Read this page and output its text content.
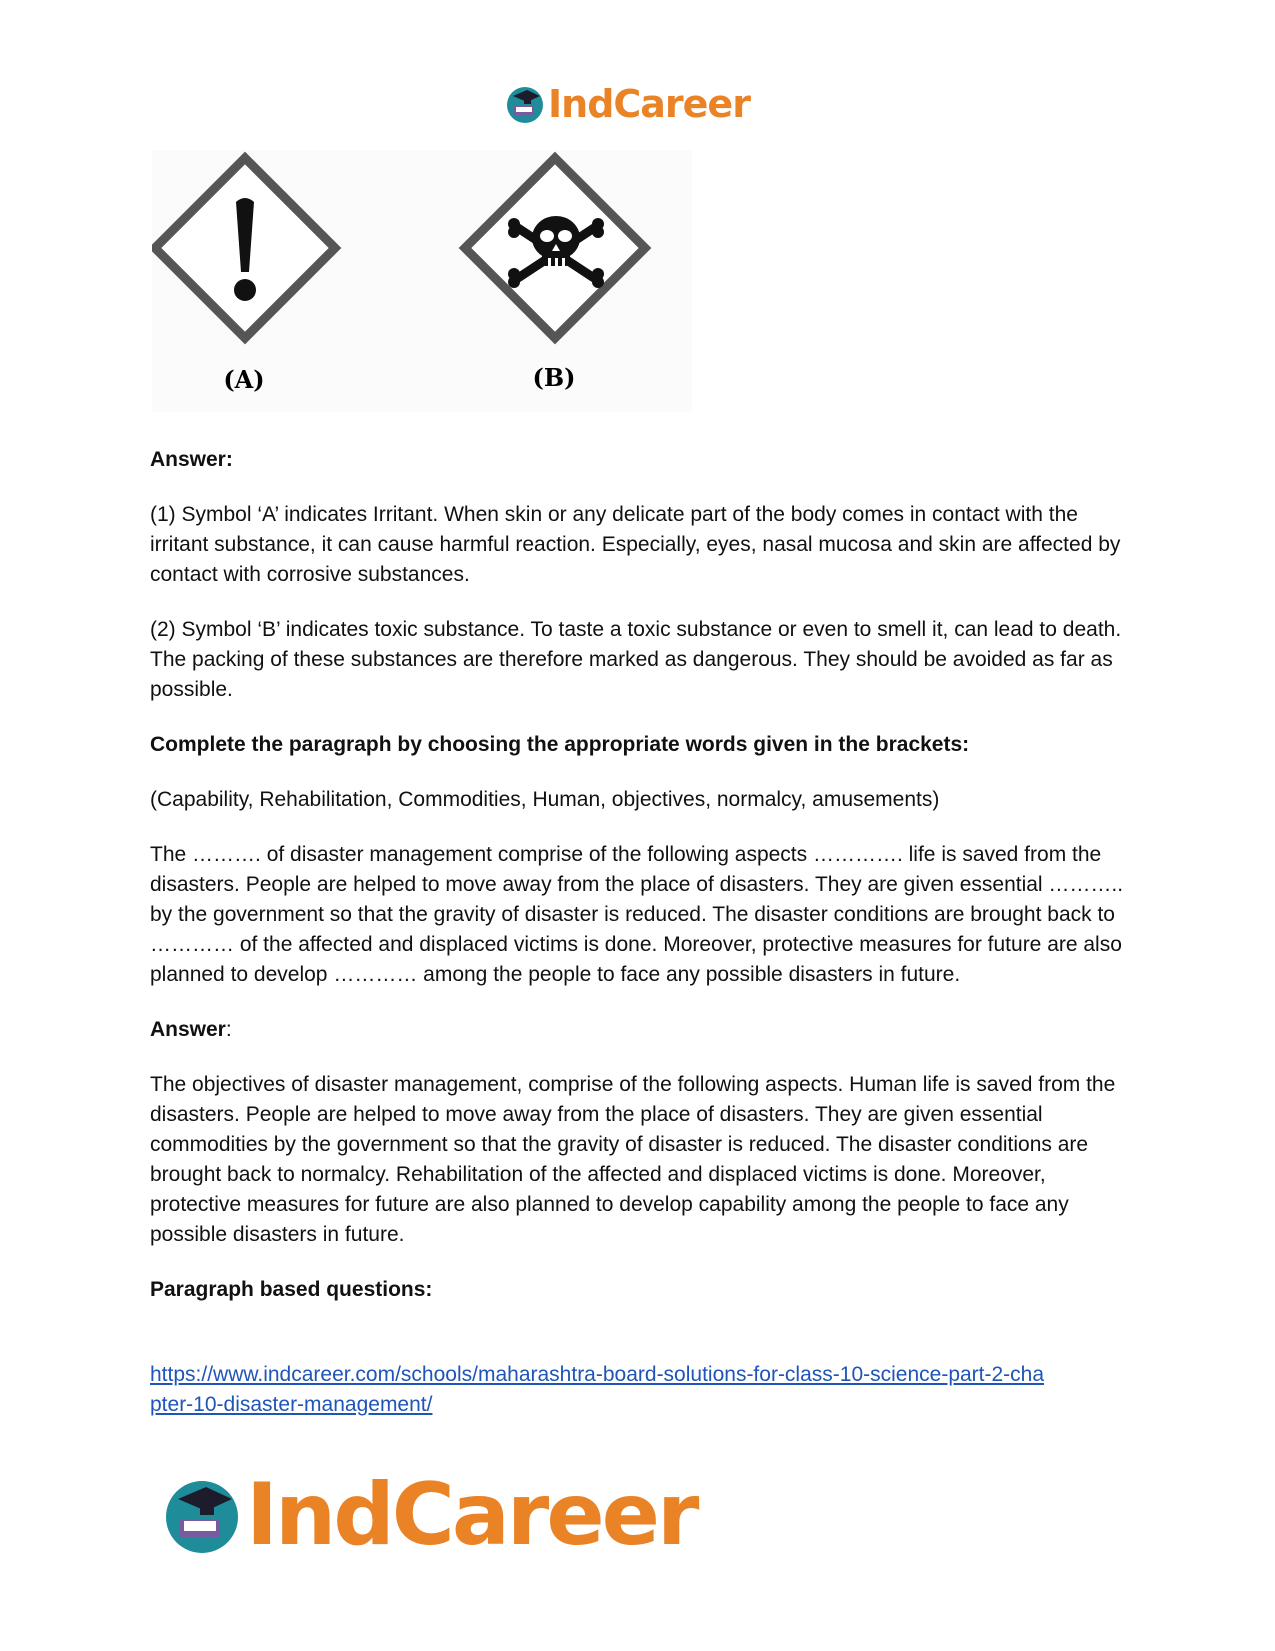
IndCareer
(A)	(B)

Answer:

(1) Symbol ‘A’ indicates Irritant. When skin or any delicate part of the body comes in contact with the irritant substance, it can cause harmful reaction. Especially, eyes, nasal mucosa and skin are affected by contact with corrosive substances.

(2) Symbol ‘B’ indicates toxic substance. To taste a toxic substance or even to smell it, can lead to death. The packing of these substances are therefore marked as dangerous. They should be avoided as far as possible.

Complete the paragraph by choosing the appropriate words given in the brackets:

(Capability, Rehabilitation, Commodities, Human, objectives, normalcy, amusements)

The ………. of disaster management comprise of the following aspects …………. life is saved from the disasters. People are helped to move away from the place of disasters. They are given essential ……….. by the government so that the gravity of disaster is reduced. The disaster conditions are brought back to ………… of the affected and displaced victims is done. Moreover, protective measures for future are also planned to develop ………… among the people to face any possible disasters in future.

Answer:

The objectives of disaster management, comprise of the following aspects. Human life is saved from the disasters. People are helped to move away from the place of disasters. They are given essential commodities by the government so that the gravity of disaster is reduced. The disaster conditions are brought back to normalcy. Rehabilitation of the affected and displaced victims is done. Moreover, protective measures for future are also planned to develop capability among the people to face any possible disasters in future.

Paragraph based questions:

https://www.indcareer.com/schools/maharashtra-board-solutions-for-class-10-science-part-2-cha
pter-10-disaster-management/

IndCareer
